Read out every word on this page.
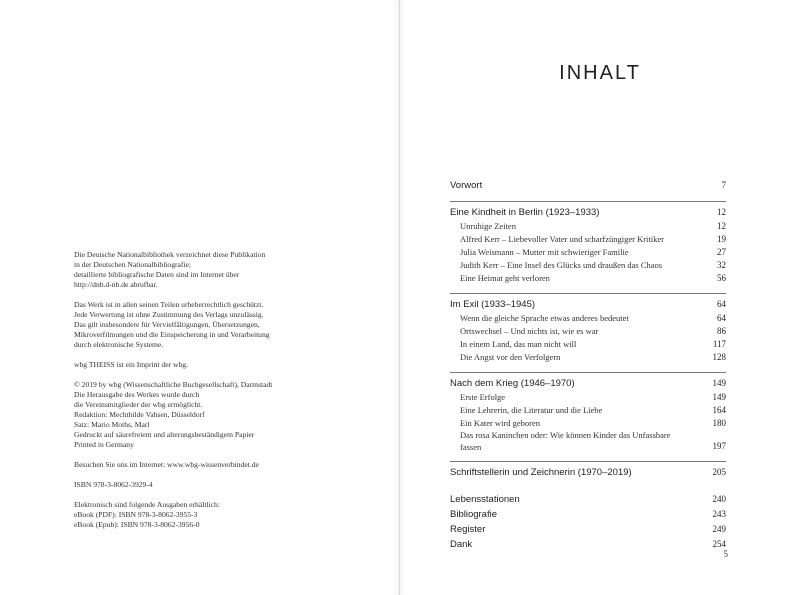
Die Deutsche Nationalbibliothek verzeichnet diese Publikation
in der Deutschen Nationalbibliografie;
detaillierte bibliografische Daten sind im Internet über
http://dnb.d-nb.de abrufbar.
Das Werk ist in allen seinen Teilen urheberrechtlich geschützt.
Jede Verwertung ist ohne Zustimmung des Verlags unzulässig.
Das gilt insbesondere für Vervielfältigungen, Übersetzungen,
Mikroverfilmungen und die Einspeicherung in und Verarbeitung
durch elektronische Systeme.
wbg THEISS ist ein Imprint der wbg.
© 2019 by wbg (Wissenschaftliche Buchgesellschaft), Darmstadt
Die Herausgabe des Werkes wurde durch
die Vereinsmitglieder der wbg ermöglicht.
Redaktion: Mechthilde Vahsen, Düsseldorf
Satz: Mario Moths, Marl
Gedruckt auf säurefreiem und alterungsbeständigem Papier
Printed in Germany
Besuchen Sie uns im Internet: www.wbg-wissenverbindet.de
ISBN 978-3-8062-3929-4
Elektronisch sind folgende Ausgaben erhältlich:
eBook (PDF): ISBN 978-3-8062-3955-3
eBook (Epub): ISBN 978-3-8062-3956-0
INHALT
Vorwort	7
Eine Kindheit in Berlin (1923–1933)	12
Unruhige Zeiten	12
Alfred Kerr – Liebevoller Vater und scharfzüngiger Kritiker	19
Julia Weismann – Mutter mit schwieriger Familie	27
Judith Kerr – Eine Insel des Glücks und draußen das Chaos	32
Eine Heimat geht verloren	56
Im Exil (1933–1945)	64
Wenn die gleiche Sprache etwas anderes bedeutet	64
Ortswechsel – Und nichts ist, wie es war	86
In einem Land, das man nicht will	117
Die Angst vor den Verfolgern	128
Nach dem Krieg (1946–1970)	149
Erste Erfolge	149
Eine Lehrerin, die Literatur und die Liebe	164
Ein Kater wird geboren	180
Das rosa Kaninchen oder: Wie können Kinder das Unfassbare fassen	197
Schriftstellerin und Zeichnerin (1970–2019)	205
Lebensstationen	240
Bibliografie	243
Register	249
Dank	254
5
